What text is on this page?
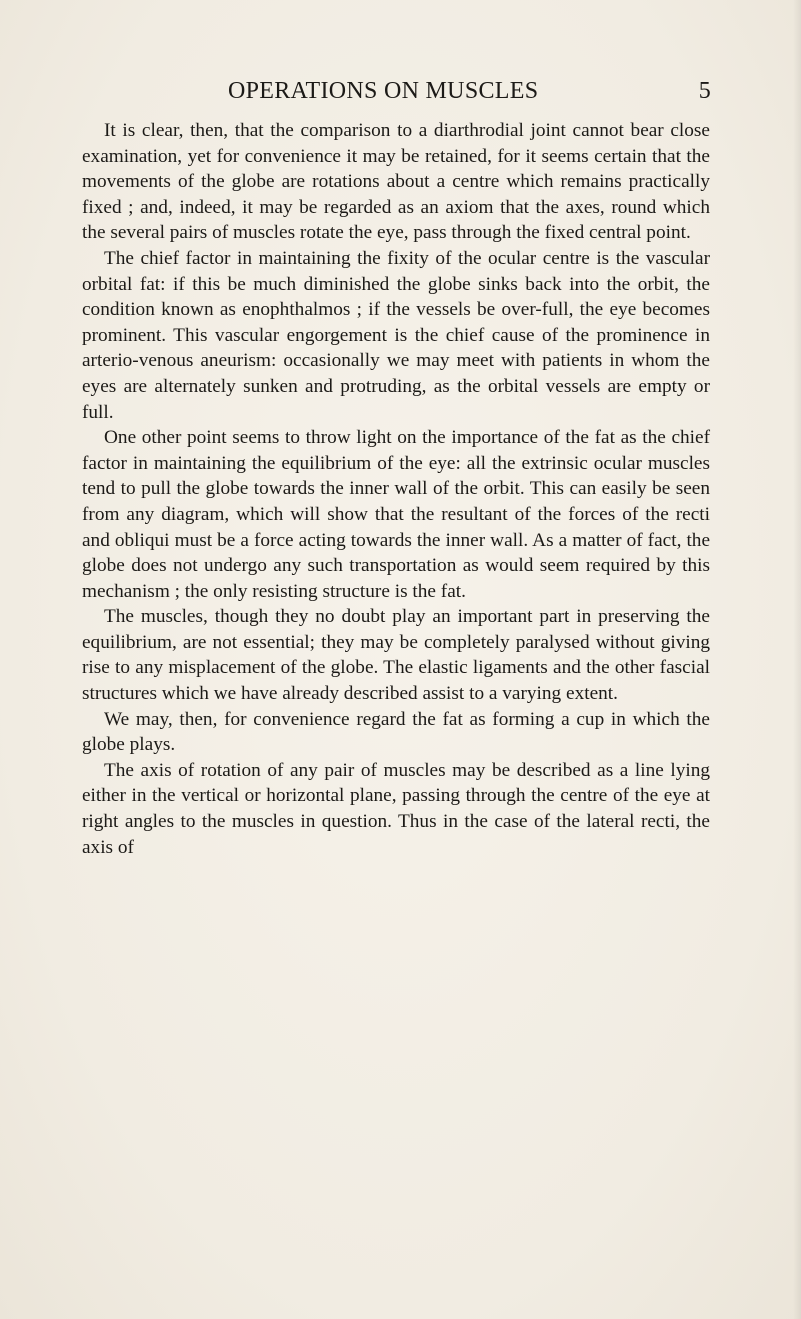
OPERATIONS ON MUSCLES	5

It is clear, then, that the comparison to a diarthrodial joint cannot bear close examination, yet for convenience it may be retained, for it seems certain that the movements of the globe are rotations about a centre which remains practically fixed ; and, indeed, it may be regarded as an axiom that the axes, round which the several pairs of muscles rotate the eye, pass through the fixed central point.

The chief factor in maintaining the fixity of the ocular centre is the vascular orbital fat: if this be much diminished the globe sinks back into the orbit, the condition known as enophthalmos ; if the vessels be over-full, the eye becomes prominent. This vascular engorgement is the chief cause of the prominence in arterio-venous aneurism: occasionally we may meet with patients in whom the eyes are alternately sunken and protruding, as the orbital vessels are empty or full.

One other point seems to throw light on the importance of the fat as the chief factor in maintaining the equilibrium of the eye: all the extrinsic ocular muscles tend to pull the globe towards the inner wall of the orbit. This can easily be seen from any diagram, which will show that the resultant of the forces of the recti and obliqui must be a force acting towards the inner wall. As a matter of fact, the globe does not undergo any such transportation as would seem required by this mechanism ; the only resisting structure is the fat.

The muscles, though they no doubt play an important part in preserving the equilibrium, are not essential; they may be completely paralysed without giving rise to any misplacement of the globe. The elastic ligaments and the other fascial structures which we have already described assist to a varying extent.

We may, then, for convenience regard the fat as forming a cup in which the globe plays.

The axis of rotation of any pair of muscles may be described as a line lying either in the vertical or horizontal plane, passing through the centre of the eye at right angles to the muscles in question. Thus in the case of the lateral recti, the axis of
